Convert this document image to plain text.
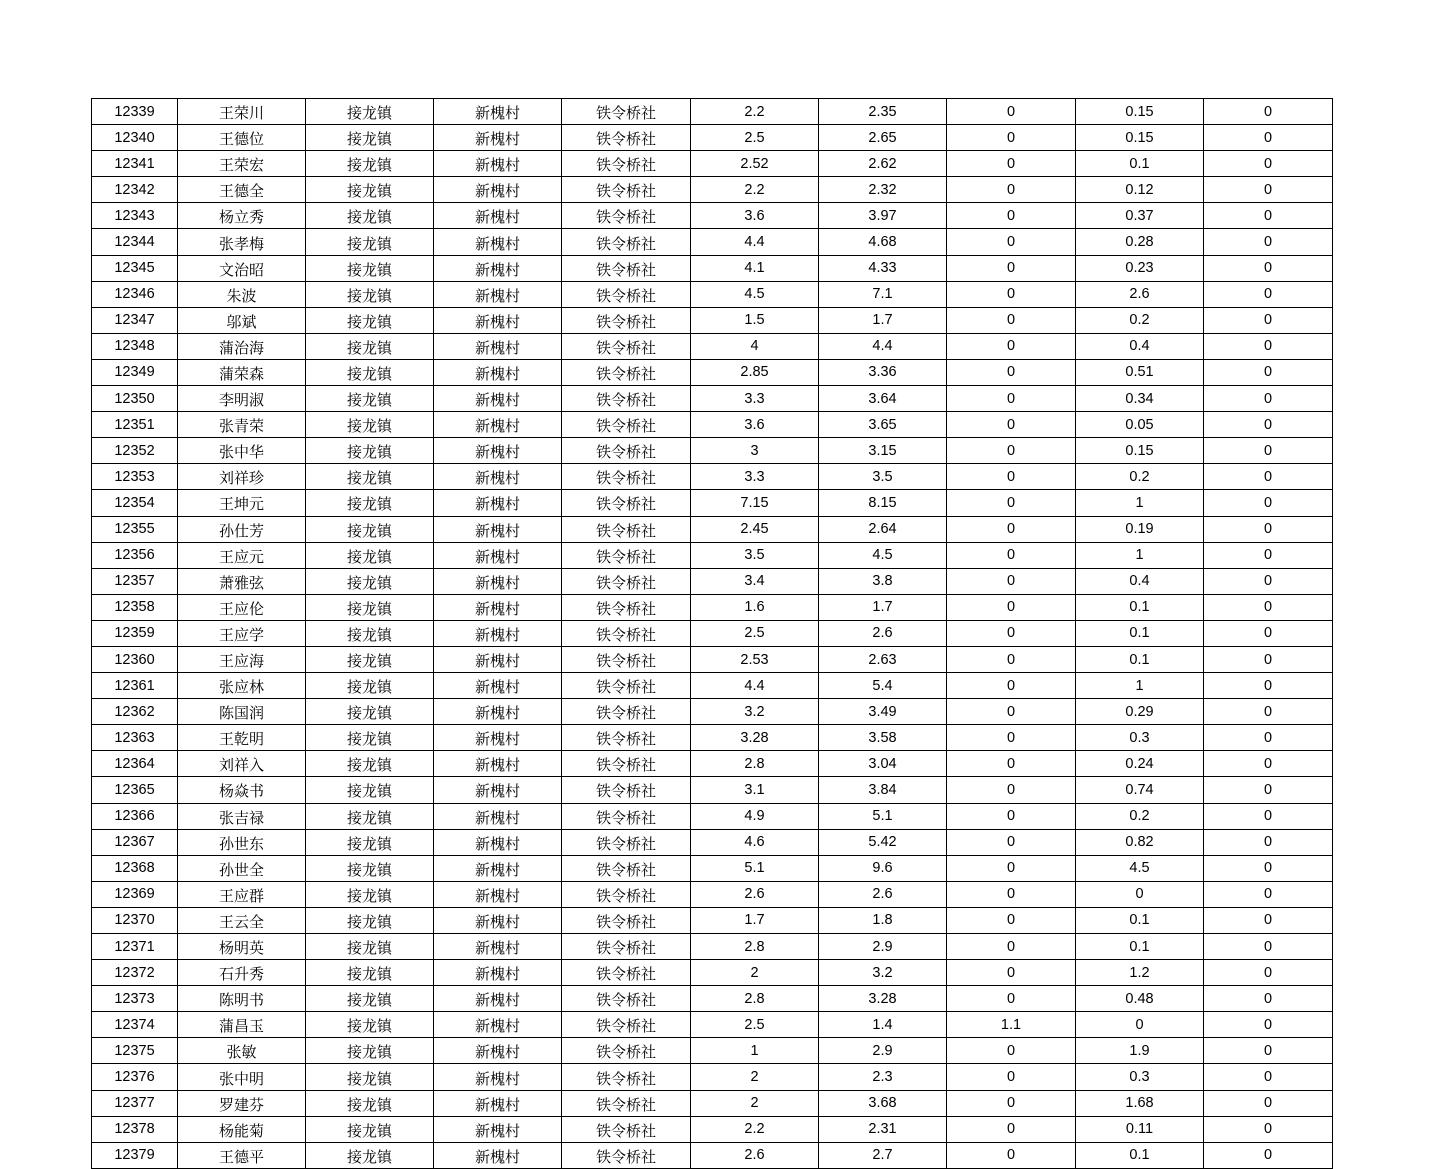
12339	王荣川	接龙镇	新槐村	铁令桥社	2.2	2.35	0	0.15	0
12340	王德位	接龙镇	新槐村	铁令桥社	2.5	2.65	0	0.15	0
12341	王荣宏	接龙镇	新槐村	铁令桥社	2.52	2.62	0	0.1	0
12342	王德全	接龙镇	新槐村	铁令桥社	2.2	2.32	0	0.12	0
12343	杨立秀	接龙镇	新槐村	铁令桥社	3.6	3.97	0	0.37	0
12344	张孝梅	接龙镇	新槐村	铁令桥社	4.4	4.68	0	0.28	0
12345	文治昭	接龙镇	新槐村	铁令桥社	4.1	4.33	0	0.23	0
12346	朱波	接龙镇	新槐村	铁令桥社	4.5	7.1	0	2.6	0
12347	邬斌	接龙镇	新槐村	铁令桥社	1.5	1.7	0	0.2	0
12348	蒲治海	接龙镇	新槐村	铁令桥社	4	4.4	0	0.4	0
12349	蒲荣森	接龙镇	新槐村	铁令桥社	2.85	3.36	0	0.51	0
12350	李明淑	接龙镇	新槐村	铁令桥社	3.3	3.64	0	0.34	0
12351	张青荣	接龙镇	新槐村	铁令桥社	3.6	3.65	0	0.05	0
12352	张中华	接龙镇	新槐村	铁令桥社	3	3.15	0	0.15	0
12353	刘祥珍	接龙镇	新槐村	铁令桥社	3.3	3.5	0	0.2	0
12354	王坤元	接龙镇	新槐村	铁令桥社	7.15	8.15	0	1	0
12355	孙仕芳	接龙镇	新槐村	铁令桥社	2.45	2.64	0	0.19	0
12356	王应元	接龙镇	新槐村	铁令桥社	3.5	4.5	0	1	0
12357	萧雅弦	接龙镇	新槐村	铁令桥社	3.4	3.8	0	0.4	0
12358	王应伦	接龙镇	新槐村	铁令桥社	1.6	1.7	0	0.1	0
12359	王应学	接龙镇	新槐村	铁令桥社	2.5	2.6	0	0.1	0
12360	王应海	接龙镇	新槐村	铁令桥社	2.53	2.63	0	0.1	0
12361	张应林	接龙镇	新槐村	铁令桥社	4.4	5.4	0	1	0
12362	陈国润	接龙镇	新槐村	铁令桥社	3.2	3.49	0	0.29	0
12363	王乾明	接龙镇	新槐村	铁令桥社	3.28	3.58	0	0.3	0
12364	刘祥入	接龙镇	新槐村	铁令桥社	2.8	3.04	0	0.24	0
12365	杨焱书	接龙镇	新槐村	铁令桥社	3.1	3.84	0	0.74	0
12366	张吉禄	接龙镇	新槐村	铁令桥社	4.9	5.1	0	0.2	0
12367	孙世东	接龙镇	新槐村	铁令桥社	4.6	5.42	0	0.82	0
12368	孙世全	接龙镇	新槐村	铁令桥社	5.1	9.6	0	4.5	0
12369	王应群	接龙镇	新槐村	铁令桥社	2.6	2.6	0	0	0
12370	王云全	接龙镇	新槐村	铁令桥社	1.7	1.8	0	0.1	0
12371	杨明英	接龙镇	新槐村	铁令桥社	2.8	2.9	0	0.1	0
12372	石升秀	接龙镇	新槐村	铁令桥社	2	3.2	0	1.2	0
12373	陈明书	接龙镇	新槐村	铁令桥社	2.8	3.28	0	0.48	0
12374	蒲昌玉	接龙镇	新槐村	铁令桥社	2.5	1.4	1.1	0	0
12375	张敏	接龙镇	新槐村	铁令桥社	1	2.9	0	1.9	0
12376	张中明	接龙镇	新槐村	铁令桥社	2	2.3	0	0.3	0
12377	罗建芬	接龙镇	新槐村	铁令桥社	2	3.68	0	1.68	0
12378	杨能菊	接龙镇	新槐村	铁令桥社	2.2	2.31	0	0.11	0
12379	王德平	接龙镇	新槐村	铁令桥社	2.6	2.7	0	0.1	0
